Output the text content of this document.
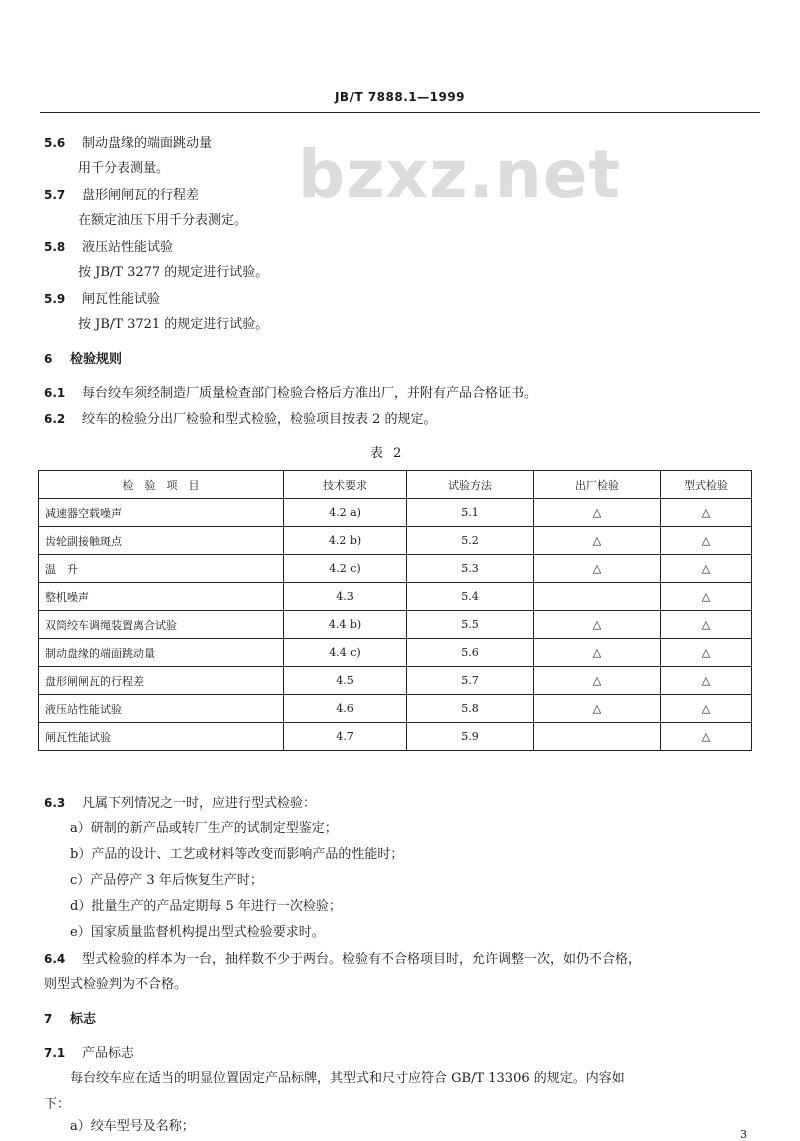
JB/T 7888.1—1999
bzxz.net
5.6 制动盘缘的端面跳动量
用千分表测量。
5.7 盘形闸闸瓦的行程差
在额定油压下用千分表测定。
5.8 液压站性能试验
按 JB/T 3277 的规定进行试验。
5.9 闸瓦性能试验
按 JB/T 3721 的规定进行试验。
6 检验规则
6.1 每台绞车须经制造厂质量检查部门检验合格后方准出厂，并附有产品合格证书。
6.2 绞车的检验分出厂检验和型式检验，检验项目按表 2 的规定。
表 2
检　验　项　目	技术要求	试验方法	出厂检验	型式检验
减速器空载噪声	4.2 a)	5.1	△	△
齿轮副接触斑点	4.2 b)	5.2	△	△
温　升	4.2 c)	5.3	△	△
整机噪声	4.3	5.4		△
双筒绞车调绳装置离合试验	4.4 b)	5.5	△	△
制动盘缘的端面跳动量	4.4 c)	5.6	△	△
盘形闸闸瓦的行程差	4.5	5.7	△	△
液压站性能试验	4.6	5.8	△	△
闸瓦性能试验	4.7	5.9		△
6.3 凡属下列情况之一时，应进行型式检验：
a）研制的新产品或转厂生产的试制定型鉴定；
b）产品的设计、工艺或材料等改变而影响产品的性能时；
c）产品停产 3 年后恢复生产时；
d）批量生产的产品定期每 5 年进行一次检验；
e）国家质量监督机构提出型式检验要求时。
6.4 型式检验的样本为一台，抽样数不少于两台。检验有不合格项目时，允许调整一次，如仍不合格，
则型式检验判为不合格。
7 标志
7.1 产品标志
每台绞车应在适当的明显位置固定产品标牌，其型式和尺寸应符合 GB/T 13306 的规定。内容如
下：
a）绞车型号及名称；
3
